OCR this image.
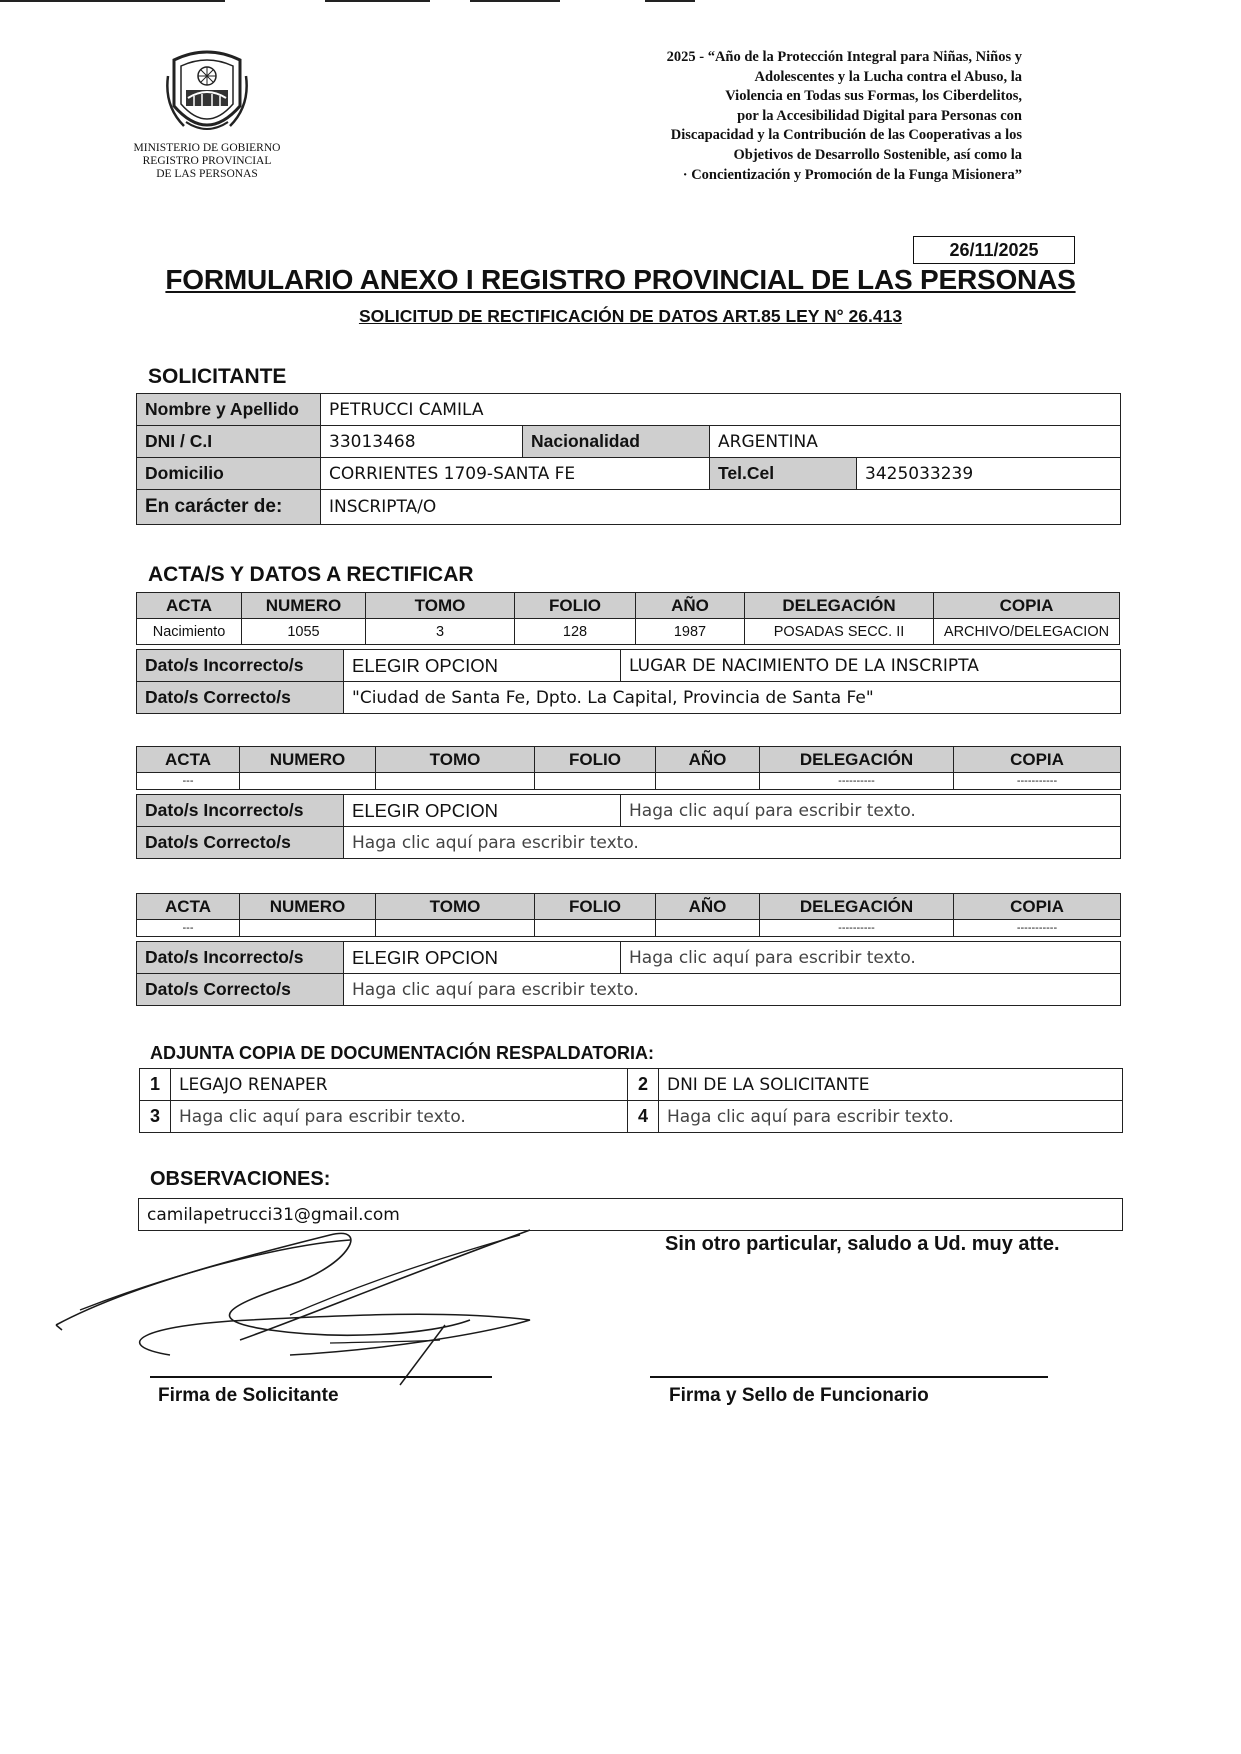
MINISTERIO DE GOBIERNO
REGISTRO PROVINCIAL
DE LAS PERSONAS
2025 - “Año de la Protección Integral para Niñas, Niños y
Adolescentes y la Lucha contra el Abuso, la
Violencia en Todas sus Formas, los Ciberdelitos,
por la Accesibilidad Digital para Personas con
Discapacidad y la Contribución de las Cooperativas a los
Objetivos de Desarrollo Sostenible, así como la
· Concientización y Promoción de la Funga Misionera”
26/11/2025
FORMULARIO ANEXO I REGISTRO PROVINCIAL DE LAS PERSONAS
SOLICITUD DE RECTIFICACIÓN DE DATOS ART.85 LEY N° 26.413
SOLICITANTE
Nombre y Apellido	PETRUCCI CAMILA			
DNI / C.I	33013468	Nacionalidad	ARGENTINA	
Domicilio	CORRIENTES 1709-SANTA FE		Tel.Cel	3425033239
En carácter de:	INSCRIPTA/O			
ACTA/S Y DATOS A RECTIFICAR
ACTA	NUMERO	TOMO	FOLIO	AÑO	DELEGACIÓN	COPIA
Nacimiento	1055	3	128	1987	POSADAS SECC. II	ARCHIVO/DELEGACION
Dato/s Incorrecto/s	ELEGIR OPCION	LUGAR DE NACIMIENTO DE LA INSCRIPTA
Dato/s Correcto/s	"Ciudad de Santa Fe, Dpto. La Capital, Provincia de Santa Fe"	
ACTA	NUMERO	TOMO	FOLIO	AÑO	DELEGACIÓN	COPIA
---					----------	-----------
Dato/s Incorrecto/s	ELEGIR OPCION	Haga clic aquí para escribir texto.
Dato/s Correcto/s	Haga clic aquí para escribir texto.	
ACTA	NUMERO	TOMO	FOLIO	AÑO	DELEGACIÓN	COPIA
---					----------	-----------
Dato/s Incorrecto/s	ELEGIR OPCION	Haga clic aquí para escribir texto.
Dato/s Correcto/s	Haga clic aquí para escribir texto.	
ADJUNTA COPIA DE DOCUMENTACIÓN RESPALDATORIA:
1	LEGAJO RENAPER	2	DNI DE LA SOLICITANTE
3	Haga clic aquí para escribir texto.	4	Haga clic aquí para escribir texto.
OBSERVACIONES:
camilapetrucci31@gmail.com
Sin otro particular, saludo a Ud. muy atte.
Firma de Solicitante	Firma y Sello de Funcionario
